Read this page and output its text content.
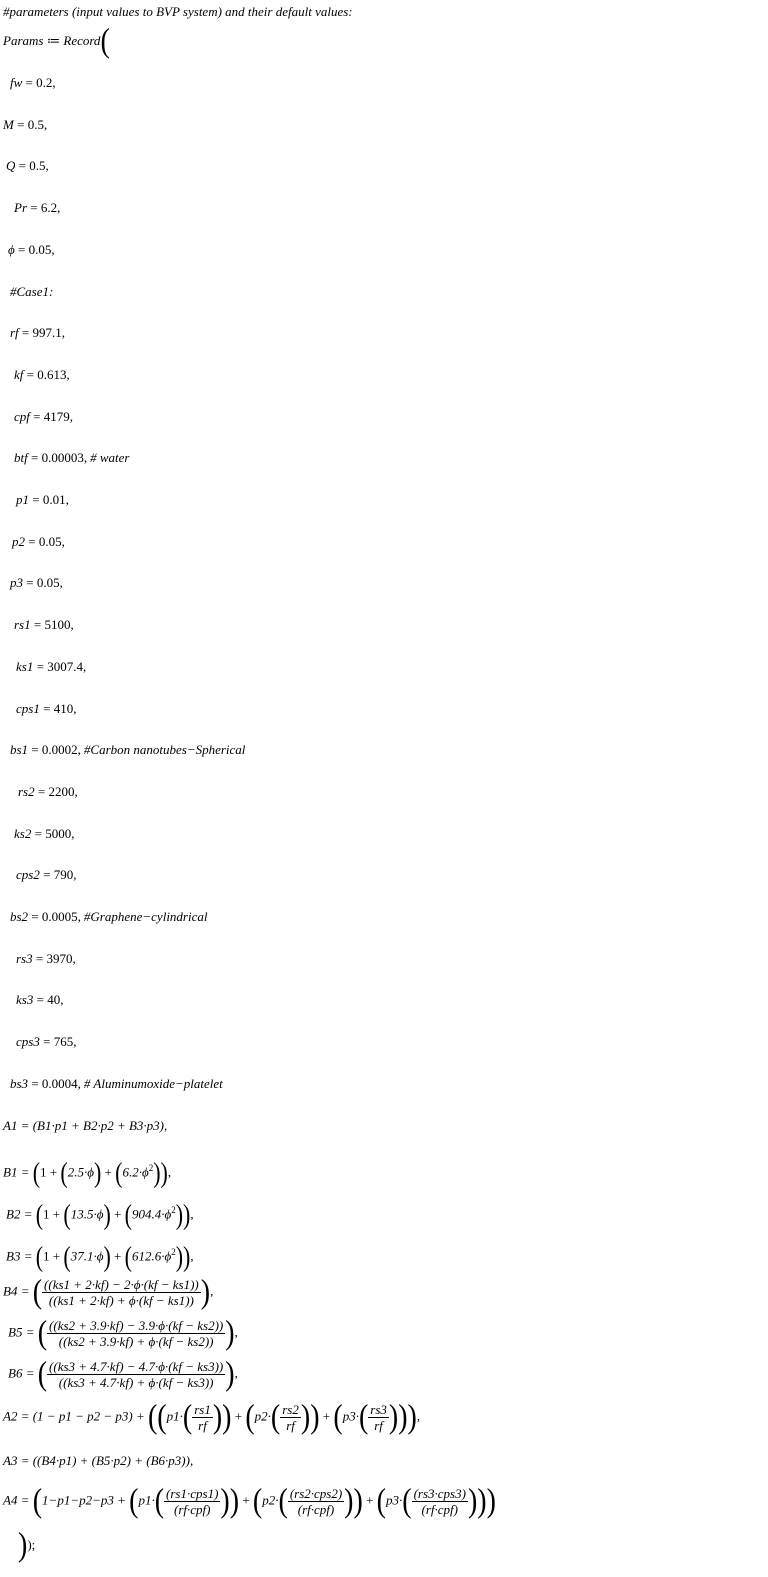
#parameters (input values to BVP system) and their default values:
Params ≔ Record(
fw = 0.2,
M = 0.5,
Q = 0.5,
Pr = 6.2,
ϕ = 0.05,
#Case1:
rf = 997.1,
kf = 0.613,
cpf = 4179,
btf = 0.00003, # water
p1 = 0.01,
p2 = 0.05,
p3 = 0.05,
rs1 = 5100,
ks1 = 3007.4,
cps1 = 410,
bs1 = 0.0002, #Carbon nanotubes−Spherical
rs2 = 2200,
ks2 = 5000,
cps2 = 790,
bs2 = 0.0005, #Graphene−cylindrical
rs3 = 3970,
ks3 = 40,
cps3 = 765,
bs3 = 0.0004, # Aluminumoxide−platelet
A1 = (B1·p1 + B2·p2 + B3·p3),
$B1 = (1 + (2.5\cdot\phi) + (6.2\cdot\phi^2))$,
$B2 = (1 + (13.5\cdot\phi) + (904.4\cdot\phi^2))$,
$B3 = (1 + (37.1\cdot\phi) + (612.6\cdot\phi^2))$,
B4 = ( $\frac{((ks1 + 2\cdot kf) - 2\cdot\phi\cdot(kf - ks1))}{((ks1 + 2\cdot kf) + \phi\cdot(kf - ks1))}$ ),
B5 = ( $\frac{((ks2 + 3.9\cdot kf) - 3.9\cdot\phi\cdot(kf - ks2))}{((ks2 + 3.9\cdot kf) + \phi\cdot(kf - ks2))}$ ),
B6 = ( $\frac{((ks3 + 4.7\cdot kf) - 4.7\cdot\phi\cdot(kf - ks3))}{((ks3 + 4.7\cdot kf) + \phi\cdot(kf - ks3))}$ ),
$A2 = (1 - p1 - p2 - p3) + ((p1\cdot( \frac{rs1}{rf}$ )) + ($p2\cdot( \frac{rs2}{rf}$ )) + ($p3\cdot( \frac{rs3}{rf}$ ))),
A3 = ((B4·p1) + (B5·p2) + (B6·p3)),
$A4 = (1-p1-p2-p3 + (p1\cdot( \frac{\text{(rs1·cps1)}}{\text{(rf·cpf)}}$ )) + ($p2\cdot( \frac{\text{(rs2·cps2)}}{\text{(rf·cpf)}}$ )) + ($p3\cdot( \frac{\text{(rs3·cps3)}}{\text{(rf·cpf)}}$ )))
));
